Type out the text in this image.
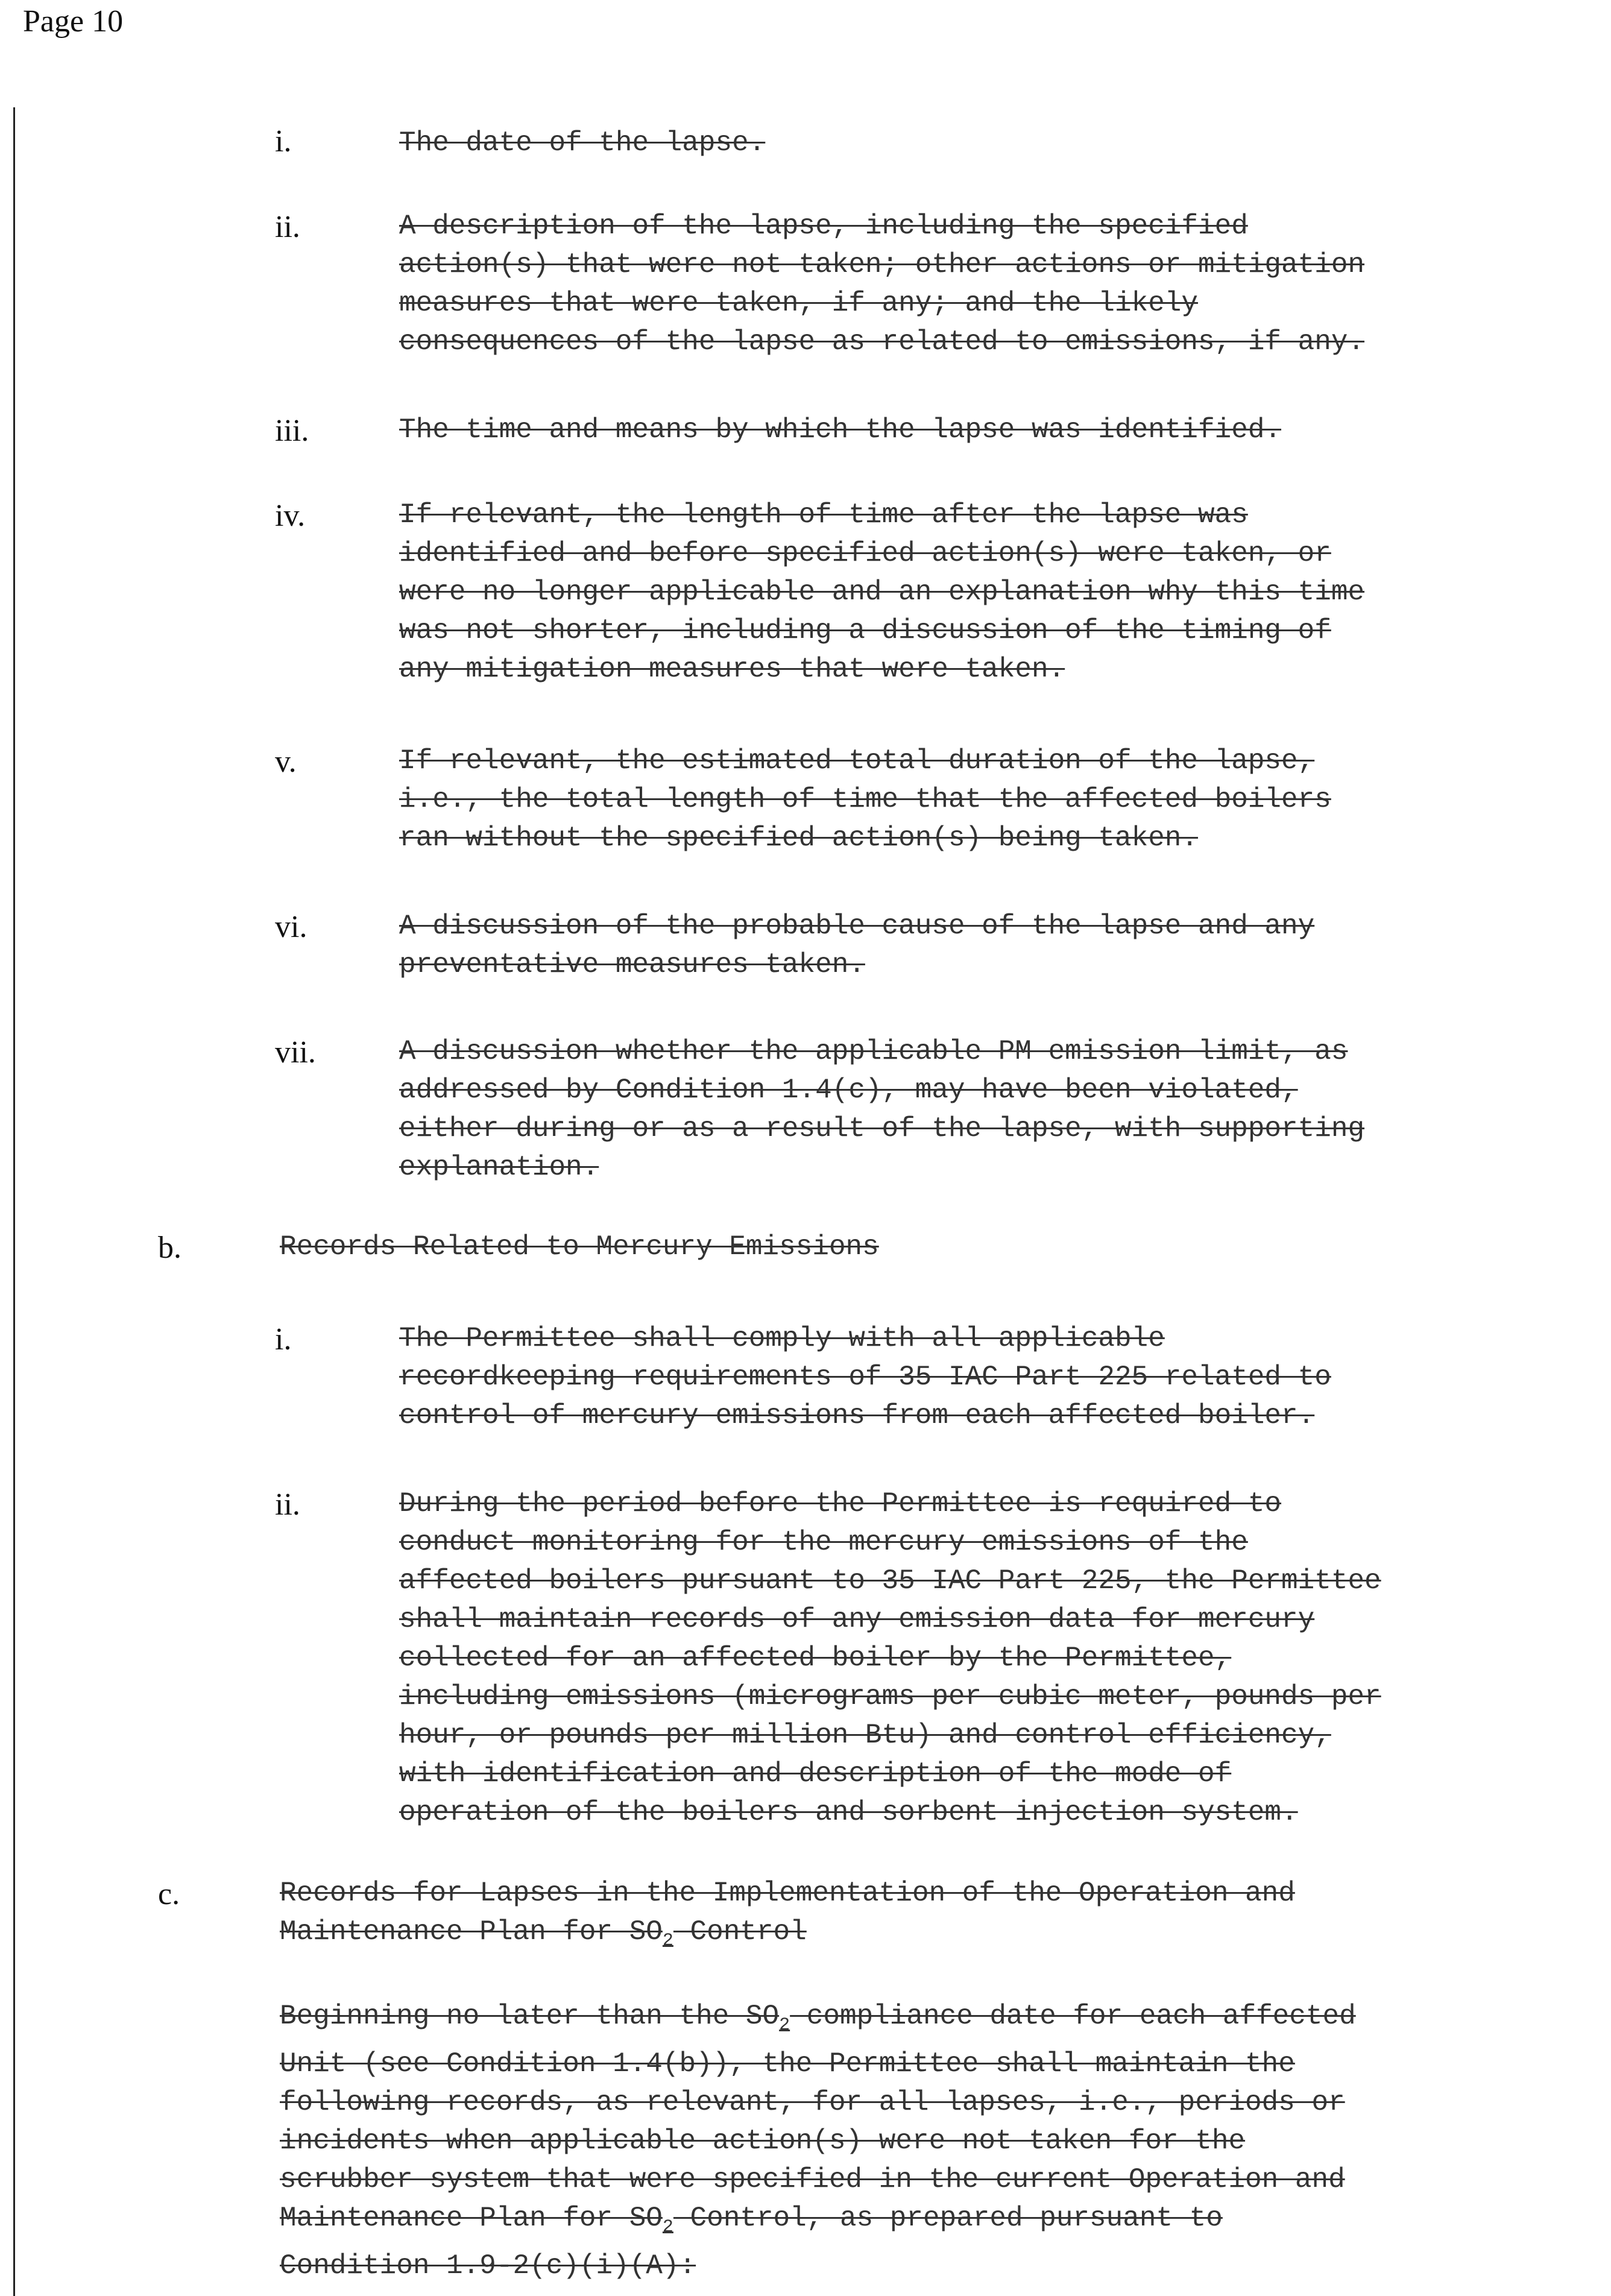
Page 10
i.	The date of the lapse.

ii.	A description of the lapse, including the specified
action(s) that were not taken; other actions or mitigation
measures that were taken, if any; and the likely
consequences of the lapse as related to emissions, if any.

iii.	The time and means by which the lapse was identified.

iv.	If relevant, the length of time after the lapse was
identified and before specified action(s) were taken, or
were no longer applicable and an explanation why this time
was not shorter, including a discussion of the timing of
any mitigation measures that were taken.

v.	If relevant, the estimated total duration of the lapse,
i.e., the total length of time that the affected boilers
ran without the specified action(s) being taken.

vi.	A discussion of the probable cause of the lapse and any
preventative measures taken.

vii.	A discussion whether the applicable PM emission limit, as
addressed by Condition 1.4(c), may have been violated,
either during or as a result of the lapse, with supporting
explanation.

b.	Records Related to Mercury Emissions

i.	The Permittee shall comply with all applicable
recordkeeping requirements of 35 IAC Part 225 related to
control of mercury emissions from each affected boiler.

ii.	During the period before the Permittee is required to
conduct monitoring for the mercury emissions of the
affected boilers pursuant to 35 IAC Part 225, the Permittee
shall maintain records of any emission data for mercury
collected for an affected boiler by the Permittee,
including emissions (micrograms per cubic meter, pounds per
hour, or pounds per million Btu) and control efficiency,
with identification and description of the mode of
operation of the boilers and sorbent injection system.

c.	Records for Lapses in the Implementation of the Operation and
Maintenance Plan for $SO_2$ Control
Beginning no later than the $SO_2$ compliance date for each affected
Unit (see Condition 1.4(b)), the Permittee shall maintain the
following records, as relevant, for all lapses, i.e., periods or
incidents when applicable action(s) were not taken for the
scrubber system that were specified in the current Operation and
Maintenance Plan for $SO_2$ Control, as prepared pursuant to
Condition 1.9-2(c)(i)(A):
